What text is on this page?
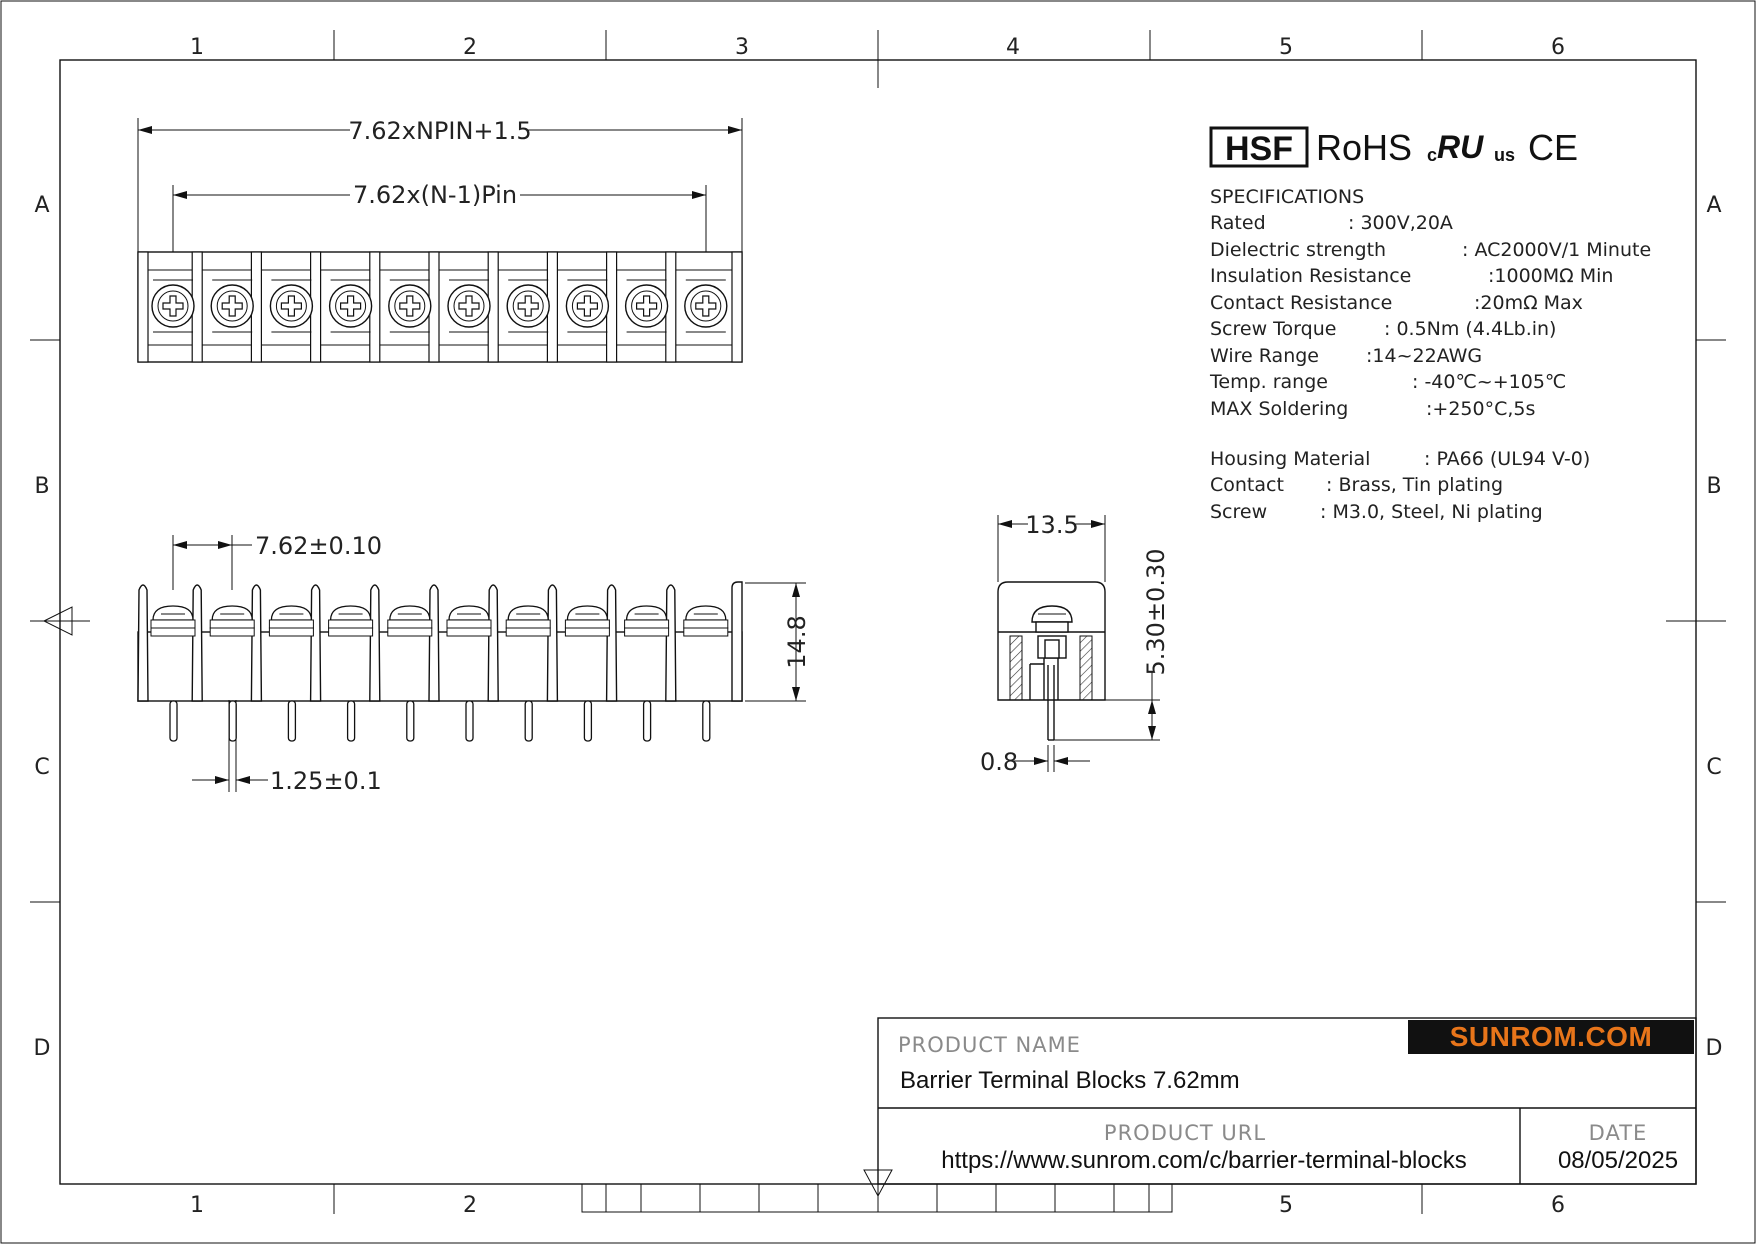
1	2	3	4	5	6
1	2	5	6
A
B
C
D
A
B
C
D
7.62xNPIN+1.5
7.62x(N-1)Pin
7.62±0.10
14.8
1.25±0.1
13.5
5.30±0.30
0.8
HSF RoHS c RU us CE
SPECIFICATIONS
Rated	: 300V,20A
Dielectric strength	: AC2000V/1 Minute
Insulation Resistance	:1000MΩ Min
Contact Resistance	:20mΩ Max
Screw Torque	: 0.5Nm (4.4Lb.in)
Wire Range :14~22AWG
Temp. range	: -40℃~+105℃
MAX Soldering	:+250°C,5s
Housing Material	: PA66 (UL94 V-0)
Contact : Brass, Tin plating
Screw	: M3.0, Steel, Ni plating
PRODUCT NAME
Barrier Terminal Blocks 7.62mm
SUNROM.COM
PRODUCT URL
https://www.sunrom.com/c/barrier-terminal-blocks
DATE
08/05/2025
